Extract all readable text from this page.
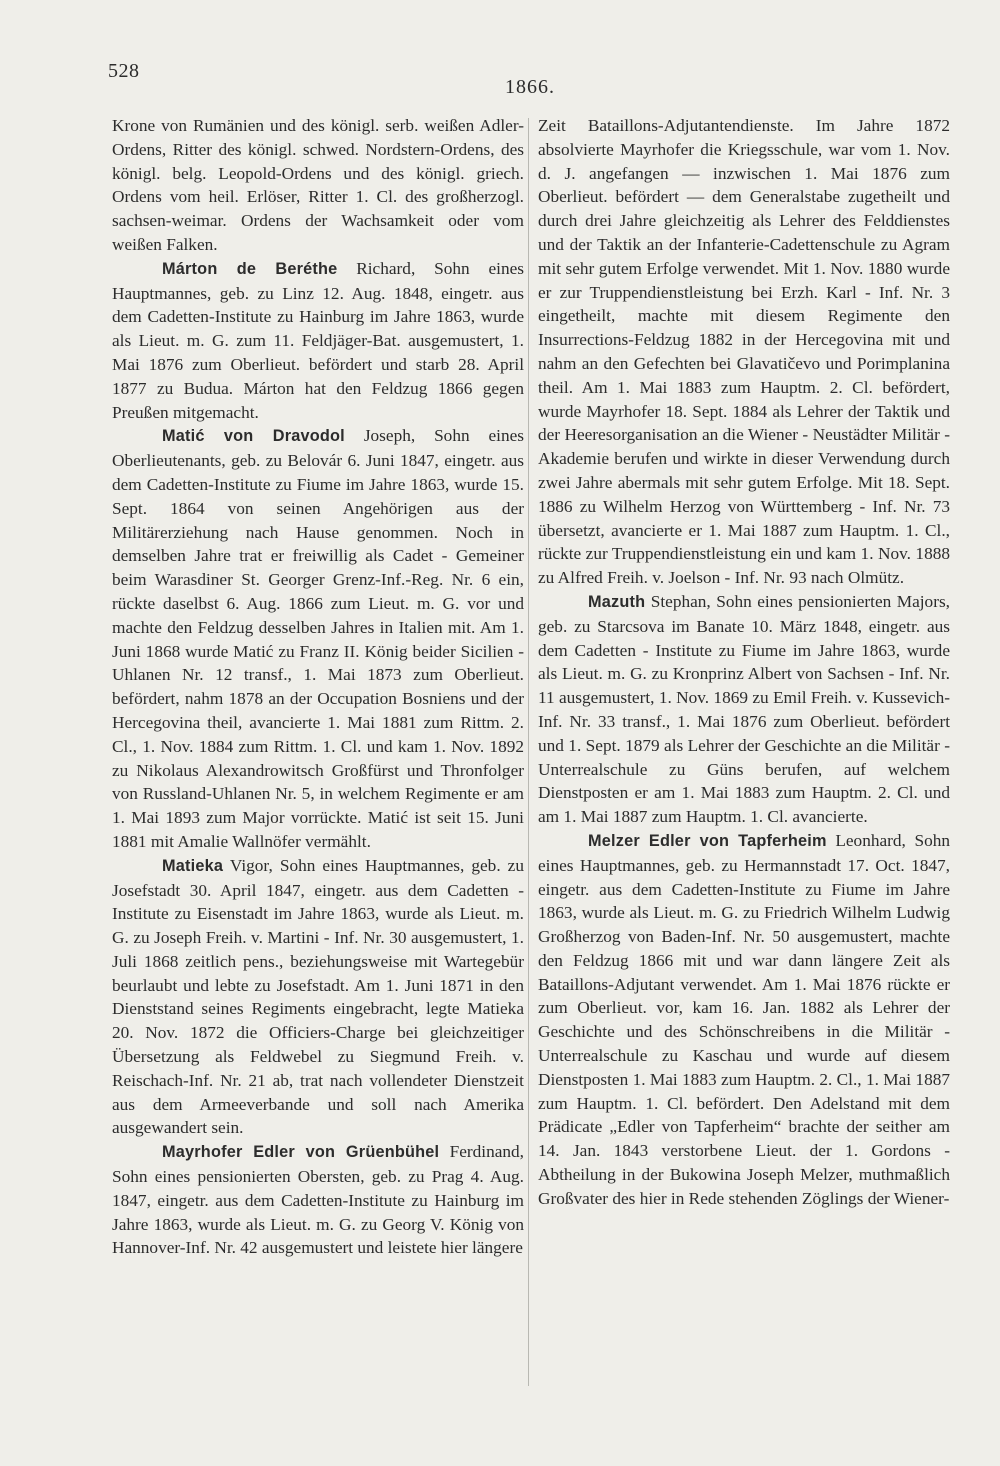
528
1866.

Krone von Rumänien und des königl. serb. weißen Adler-Ordens, Ritter des königl. schwed. Nordstern-Ordens, des königl. belg. Leopold-Ordens und des königl. griech. Ordens vom heil. Erlöser, Ritter 1. Cl. des großherzogl. sachsen-weimar. Ordens der Wachsamkeit oder vom weißen Falken.

Márton de Beréthe Richard, Sohn eines Hauptmannes, geb. zu Linz 12. Aug. 1848, eingetr. aus dem Cadetten-Institute zu Hainburg im Jahre 1863, wurde als Lieut. m. G. zum 11. Feldjäger-Bat. ausgemustert, 1. Mai 1876 zum Oberlieut. befördert und starb 28. April 1877 zu Budua. Márton hat den Feldzug 1866 gegen Preußen mitgemacht.

Matić von Dravodol Joseph, Sohn eines Oberlieutenants, geb. zu Belovár 6. Juni 1847, eingetr. aus dem Cadetten-Institute zu Fiume im Jahre 1863, wurde 15. Sept. 1864 von seinen Angehörigen aus der Militärerziehung nach Hause genommen. Noch in demselben Jahre trat er freiwillig als Cadet - Gemeiner beim Warasdiner St. Georger Grenz-Inf.-Reg. Nr. 6 ein, rückte daselbst 6. Aug. 1866 zum Lieut. m. G. vor und machte den Feldzug desselben Jahres in Italien mit. Am 1. Juni 1868 wurde Matić zu Franz II. König beider Sicilien - Uhlanen Nr. 12 transf., 1. Mai 1873 zum Oberlieut. befördert, nahm 1878 an der Occupation Bosniens und der Hercegovina theil, avancierte 1. Mai 1881 zum Rittm. 2. Cl., 1. Nov. 1884 zum Rittm. 1. Cl. und kam 1. Nov. 1892 zu Nikolaus Alexandrowitsch Großfürst und Thronfolger von Russland-Uhlanen Nr. 5, in welchem Regimente er am 1. Mai 1893 zum Major vorrückte. Matić ist seit 15. Juni 1881 mit Amalie Wallnöfer vermählt.

Matieka Vigor, Sohn eines Hauptmannes, geb. zu Josefstadt 30. April 1847, eingetr. aus dem Cadetten - Institute zu Eisenstadt im Jahre 1863, wurde als Lieut. m. G. zu Joseph Freih. v. Martini - Inf. Nr. 30 ausgemustert, 1. Juli 1868 zeitlich pens., beziehungsweise mit Wartegebür beurlaubt und lebte zu Josefstadt. Am 1. Juni 1871 in den Dienststand seines Regiments eingebracht, legte Matieka 20. Nov. 1872 die Officiers-Charge bei gleichzeitiger Übersetzung als Feldwebel zu Siegmund Freih. v. Reischach-Inf. Nr. 21 ab, trat nach vollendeter Dienstzeit aus dem Armeeverbande und soll nach Amerika ausgewandert sein.

Mayrhofer Edler von Grüenbühel Ferdinand, Sohn eines pensionierten Obersten, geb. zu Prag 4. Aug. 1847, eingetr. aus dem Cadetten-Institute zu Hainburg im Jahre 1863, wurde als Lieut. m. G. zu Georg V. König von Hannover-Inf. Nr. 42 ausgemustert und leistete hier längere

Zeit Bataillons-Adjutantendienste. Im Jahre 1872 absolvierte Mayrhofer die Kriegsschule, war vom 1. Nov. d. J. angefangen — inzwischen 1. Mai 1876 zum Oberlieut. befördert — dem Generalstabe zugetheilt und durch drei Jahre gleichzeitig als Lehrer des Felddienstes und der Taktik an der Infanterie-Cadettenschule zu Agram mit sehr gutem Erfolge verwendet. Mit 1. Nov. 1880 wurde er zur Truppendienstleistung bei Erzh. Karl - Inf. Nr. 3 eingetheilt, machte mit diesem Regimente den Insurrections-Feldzug 1882 in der Hercegovina mit und nahm an den Gefechten bei Glavatičevo und Porimplanina theil. Am 1. Mai 1883 zum Hauptm. 2. Cl. befördert, wurde Mayrhofer 18. Sept. 1884 als Lehrer der Taktik und der Heeresorganisation an die Wiener - Neustädter Militär - Akademie berufen und wirkte in dieser Verwendung durch zwei Jahre abermals mit sehr gutem Erfolge. Mit 18. Sept. 1886 zu Wilhelm Herzog von Württemberg - Inf. Nr. 73 übersetzt, avancierte er 1. Mai 1887 zum Hauptm. 1. Cl., rückte zur Truppendienstleistung ein und kam 1. Nov. 1888 zu Alfred Freih. v. Joelson - Inf. Nr. 93 nach Olmütz.

Mazuth Stephan, Sohn eines pensionierten Majors, geb. zu Starcsova im Banate 10. März 1848, eingetr. aus dem Cadetten - Institute zu Fiume im Jahre 1863, wurde als Lieut. m. G. zu Kronprinz Albert von Sachsen - Inf. Nr. 11 ausgemustert, 1. Nov. 1869 zu Emil Freih. v. Kussevich-Inf. Nr. 33 transf., 1. Mai 1876 zum Oberlieut. befördert und 1. Sept. 1879 als Lehrer der Geschichte an die Militär - Unterrealschule zu Güns berufen, auf welchem Dienstposten er am 1. Mai 1883 zum Hauptm. 2. Cl. und am 1. Mai 1887 zum Hauptm. 1. Cl. avancierte.

Melzer Edler von Tapferheim Leonhard, Sohn eines Hauptmannes, geb. zu Hermannstadt 17. Oct. 1847, eingetr. aus dem Cadetten-Institute zu Fiume im Jahre 1863, wurde als Lieut. m. G. zu Friedrich Wilhelm Ludwig Großherzog von Baden-Inf. Nr. 50 ausgemustert, machte den Feldzug 1866 mit und war dann längere Zeit als Bataillons-Adjutant verwendet. Am 1. Mai 1876 rückte er zum Oberlieut. vor, kam 16. Jan. 1882 als Lehrer der Geschichte und des Schönschreibens in die Militär - Unterrealschule zu Kaschau und wurde auf diesem Dienstposten 1. Mai 1883 zum Hauptm. 2. Cl., 1. Mai 1887 zum Hauptm. 1. Cl. befördert. Den Adelstand mit dem Prädicate „Edler von Tapferheim“ brachte der seither am 14. Jan. 1843 verstorbene Lieut. der 1. Gordons - Abtheilung in der Bukowina Joseph Melzer, muthmaßlich Großvater des hier in Rede stehenden Zöglings der Wiener-
